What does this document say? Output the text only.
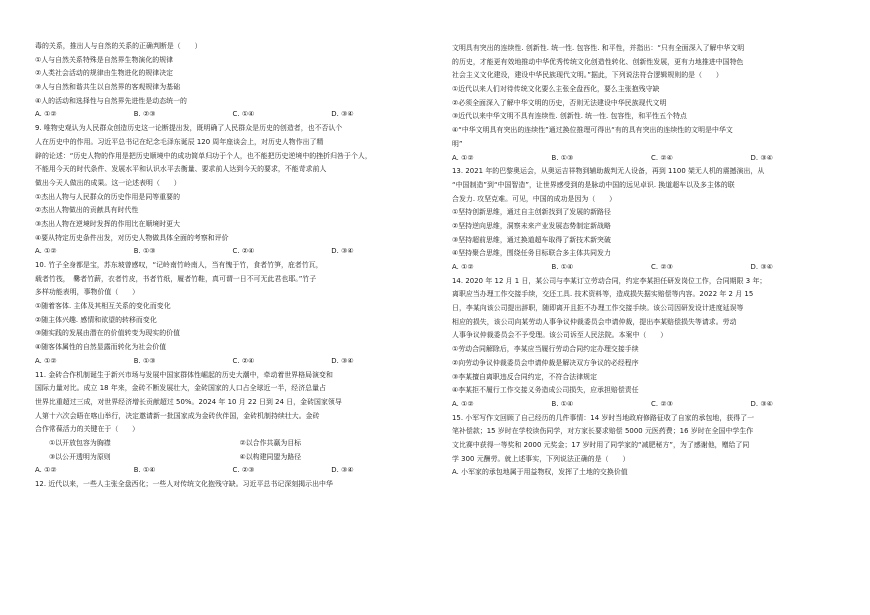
毒的关系，推出人与自然的关系的正确判断是（　　）
①人与自然关系特殊是自然界生物演化的规律
②人类社会活动的规律由生物进化的规律决定
③人与自然和谐共生以自然界的客观规律为基础
④人的活动和选择性与自然界先进性是动态统一的
A. ①②	B. ②③	C. ①④	D. ③④
9. 唯物史观认为人民群众创造历史这一论断提出发，既明确了人民群众是历史的创造者，也不否认个
人在历史中的作用。习近平总书记在纪念毛泽东诞辰 120 周年座谈会上，对历史人物作出了精
辟的论述：“历史人物的作用是把历史顺境中的成功简单归功于个人，也不能把历史逆境中的挫折归咎于个人，
不能用今天的时代条件、发展水平和认识水平去衡量、要求前人达到今天的要求，不能苛求前人
做出今天人做出的成果。这一论述表明（　　）
①杰出人物与人民群众的历史作用是同等重要的
②杰出人物做出的贡献具有时代性
③杰出人物在逆境时发挥的作用比在顺境时更大
④要从特定历史条件出发，对历史人物做具体全面的考察和评价
A. ①②	B. ①③	C. ②④	D. ③④
10. 竹子全身都是宝，苏东坡曾感叹，“记岭南竹岭南人，当有愧于竹，食者竹笋，庇者竹瓦，
载者竹筏，　爨者竹薪，衣者竹皮，书者竹纸，履者竹鞋，真可谓一日不可无此君也耶。”竹子
多样功能表明，事物价值（　　）
①随着客体. 主体及其相互关系的变化而变化
②随主体兴趣. 感情和欲望的转移而变化
③随实践的发展由潜在的价值转变为现实的价值
④随客体属性的自然显露而转化为社会价值
A. ①②	B. ①③	C. ②④	D. ③④
11. 金砖合作机制诞生于新兴市场与发展中国家群体性崛起的历史大潮中，牵动着世界格局演变和
国际力量对比。成立 18 年来，金砖不断发展壮大，金砖国家的人口占全球近一半，经济总量占
世界比重超过三成，对世界经济增长贡献超过 50%。2024 年 10 月 22 日到 24 日，金砖国家领导
人第十六次会晤在喀山举行，决定邀请新一批国家成为金砖伙伴国，金砖机制持续壮大。金砖
合作常葆活力的关键在于（　　）
①以开放包容为胸襟	②以合作共赢为目标
③以公开透明为原则	④以构建同盟为路径
A. ①②	B. ①④	C. ②③	D. ③④
12. 近代以来，一些人主张全盘西化；一些人对传统文化抱残守缺。习近平总书记深刻揭示出中华
文明具有突出的连续性. 创新性. 统一性. 包容性. 和平性，并指出：“只有全面深入了解中华文明
的历史，才能更有效地推动中华优秀传统文化创造性转化、创新性发展，更有力地推进中国特色
社会主义文化建设，建设中华民族现代文明。”据此，下列说法符合逻辑规则的是（　　）
①近代以来人们对待传统文化要么主张全盘西化，要么主张抱残守缺
②必须全面深入了解中华文明的历史，否则无法建设中华民族现代文明
③近代以来中华文明不具有连续性. 创新性. 统一性. 包容性，和平性五个特点
④“中华文明具有突出的连续性”通过换位推理可得出“有的具有突出的连续性的文明是中华文
明”
A. ①②	B. ①③	C. ②④	D. ③④
13. 2021 年的巴黎奥运会，从奥运吉祥物到辅助裁判无人设备，再到 1100 架无人机的震撼演出，从
“中国制造”到“中国智造”，让世界感受到的是脉动中国的远见卓识. 换道超车以及多主体的联
合发力. 攻坚克难。可见，中国的成功是因为（　　）
①坚持创新思维，通过自主创新找到了发展的新路径
②坚持逆向思维，洞察未来产业发展态势制定新战略
③坚持超前思维，通过换道超车取得了新技术新突破
④坚持聚合思维，围绕任务目标联合多主体共同发力
A. ①②	B. ①④	C. ②③	D. ③④
14. 2020 年 12 月 1 日，某公司与李某订立劳动合同，约定李某担任研发岗位工作，合同期限 3 年；
离职应当办理工作交接手续，交还工具. 技术资料等，造成损失据实赔偿等内容。2022 年 2 月 15
日，李某向该公司提出辞职，随即离开且拒不办理工作交接手续。该公司因研发设计进度延误等
相应的损失，该公司向某劳动人事争议仲裁委员会申请仲裁，提出李某赔偿损失等请求。劳动
人事争议仲裁委员会不予受理。该公司诉至人民法院。本案中（　　）
①劳动合同解除后，李某应当履行劳动合同约定办理交接手续
②向劳动争议仲裁委员会申请仲裁是解决双方争议的必经程序
③李某擅自离职违反合同约定，不符合法律规定
④李某拒不履行工作交接义务造成公司损失，应承担赔偿责任
A. ①②	B. ①④	C. ②③	D. ③④
15. 小军写作文回顾了自己经历的几件事情：14 岁时当地政府修路征收了自家的承包地，获得了一
笔补偿款；15 岁时在学校读伤同学，对方家长要求赔偿 5000 元医药费；16 岁时在全国中学生作
文比赛中获得一等奖和 2000 元奖金；17 岁时用了同学家的“减肥秘方”，为了感谢他，赠给了同
学 300 元酬劳。就上述事实，下列说法正确的是（　　）
A. 小军家的承包地属于用益物权，发挥了土地的交换价值
